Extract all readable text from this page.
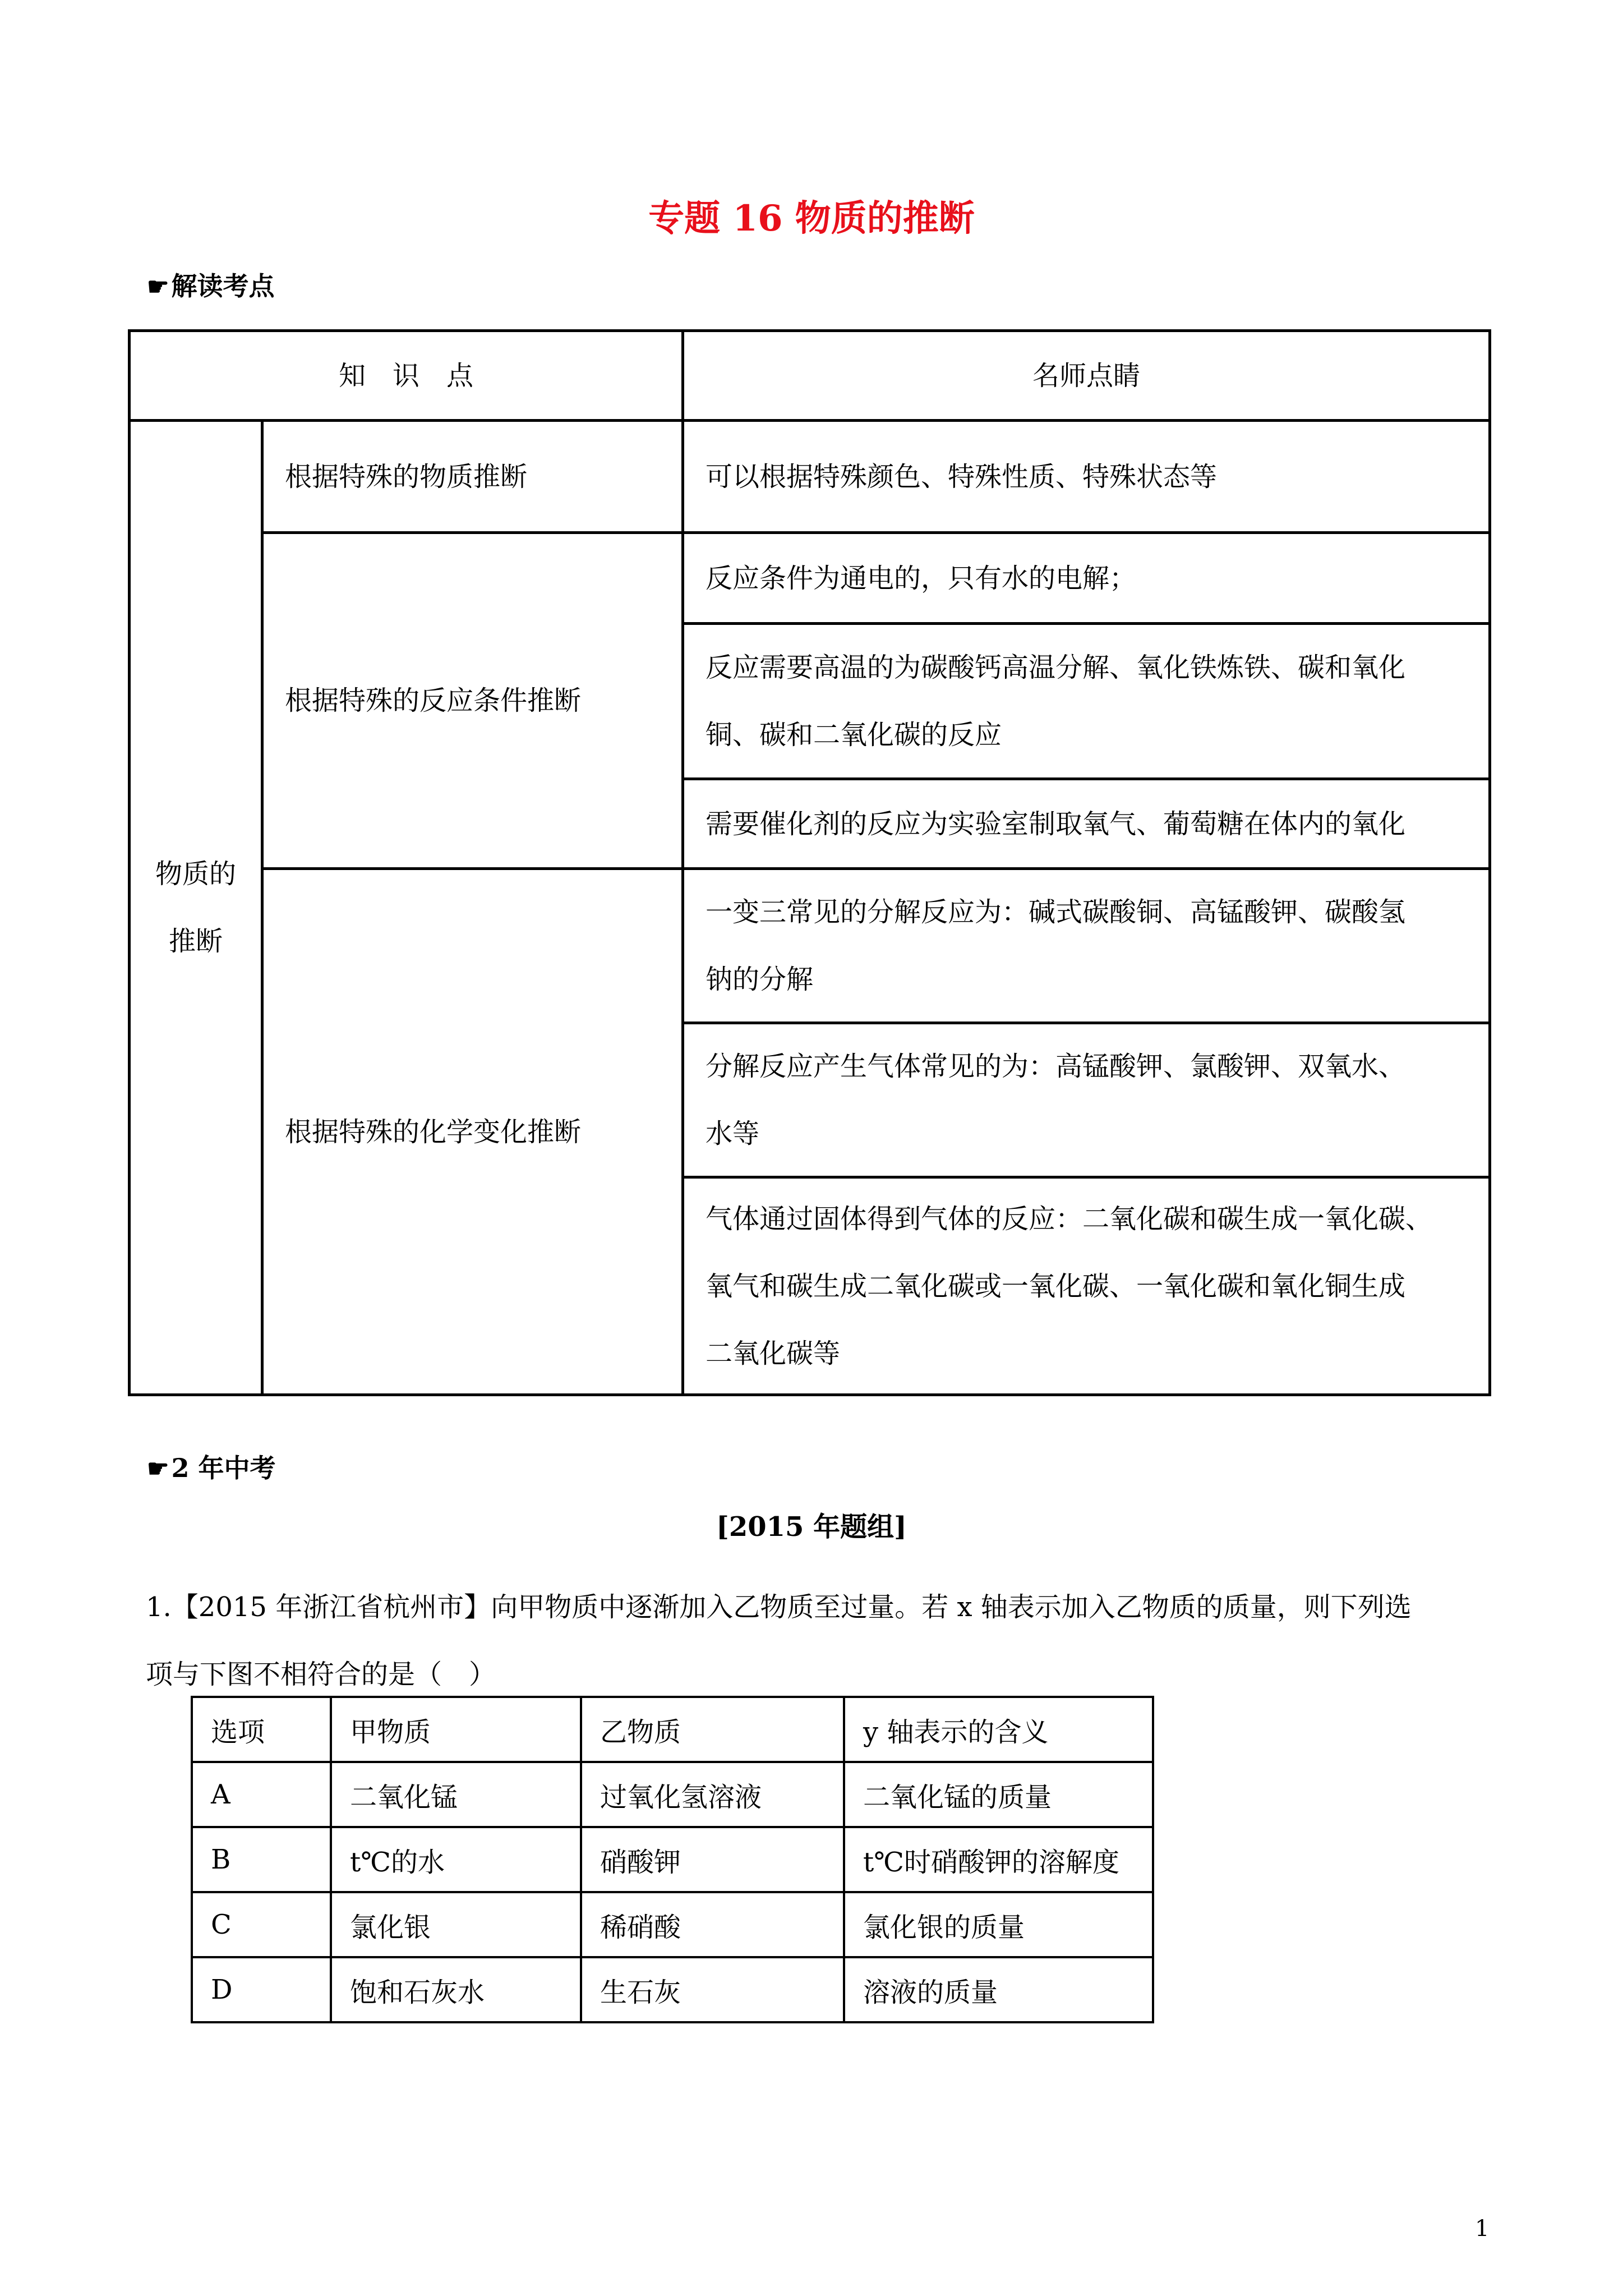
专题 16 物质的推断
☛解读考点
知　识　点		名师点睛

物质的
推断	根据特殊的物质推断	可以根据特殊颜色、特殊性质、特殊状态等
	根据特殊的反应条件推断	反应条件为通电的，只有水的电解；

		反应需要高温的为碳酸钙高温分解、氧化铁炼铁、碳和氧化
铜、碳和二氧化碳的反应

		需要催化剂的反应为实验室制取氧气、葡萄糖在体内的氧化
	根据特殊的化学变化推断	一变三常见的分解反应为：碱式碳酸铜、高锰酸钾、碳酸氢
钠的分解

		分解反应产生气体常见的为：高锰酸钾、氯酸钾、双氧水、
水等

		气体通过固体得到气体的反应：二氧化碳和碳生成一氧化碳、
氧气和碳生成二氧化碳或一氧化碳、一氧化碳和氧化铜生成
二氧化碳等
☛2 年中考
[2015 年题组]
1.【2015 年浙江省杭州市】向甲物质中逐渐加入乙物质至过量。若 x 轴表示加入乙物质的质量，则下列选
项与下图不相符合的是（　）
选项	甲物质	乙物质	y 轴表示的含义
A	二氧化锰	过氧化氢溶液	二氧化锰的质量
B	t℃的水	硝酸钾	t℃时硝酸钾的溶解度
C	氯化银	稀硝酸	氯化银的质量
D	饱和石灰水	生石灰	溶液的质量
1
